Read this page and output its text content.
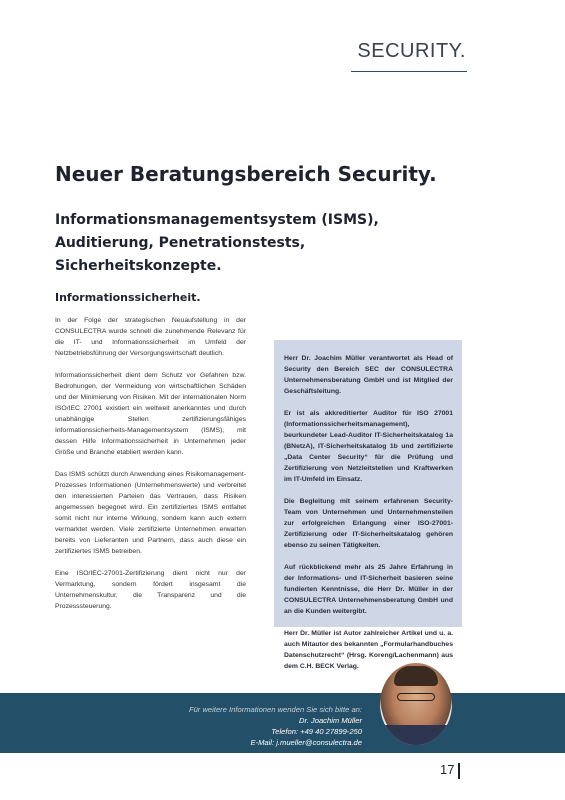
SECURITY.
Neuer Beratungsbereich Security.
Informationsmanagementsystem (ISMS), Auditierung, Penetrationstests, Sicherheitskonzepte.
Informationssicherheit.

In der Folge der strategischen Neuaufstellung in der CONSULECTRA wurde schnell die zunehmende Relevanz für die IT- und Informationssicherheit im Umfeld der Netzbetriebsführung der Versorgungswirtschaft deutlich.

Informationssicherheit dient dem Schutz vor Gefahren bzw. Bedrohungen, der Vermeidung von wirtschaftlichen Schäden und der Minimierung von Risiken. Mit der internationalen Norm ISO/IEC 27001 existiert ein weltweit anerkanntes und durch unabhängige Stellen zertifizierungsfähiges Informationssicherheits-Managementsystem (ISMS), mit dessen Hilfe Informationssicherheit in Unternehmen jeder Größe und Branche etabliert werden kann.

Das ISMS schützt durch Anwendung eines Risikomanagement-Prozesses Informationen (Unternehmenswerte) und verbreitet den interessierten Parteien das Vertrauen, dass Risiken angemessen begegnet wird. Ein zertifiziertes ISMS entfaltet somit nicht nur interne Wirkung, sondern kann auch extern vermarktet werden. Viele zertifizierte Unternehmen erwarten bereits von Lieferanten und Partnern, dass auch diese ein zertifiziertes ISMS betreiben.

Eine ISO/IEC-27001-Zertifizierung dient nicht nur der Vermarktung, sondern fördert insgesamt die Unternehmenskultur, die Transparenz und die Prozesssteuerung.

Herr Dr. Joachim Müller verantwortet als Head of Security den Bereich SEC der CONSULECTRA Unternehmensberatung GmbH und ist Mitglied der Geschäftsleitung.

Er ist als akkreditierter Auditor für ISO 27001 (Informationssicherheitsmanagement), beurkundeter Lead-Auditor IT-Sicherheitskatalog 1a (BNetzA), IT-Sicherheitskatalog 1b und zertifizierte „Data Center Security“ für die Prüfung und Zertifizierung von Netzleitstellen und Kraftwerken im IT-Umfeld im Einsatz.

Die Begleitung mit seinem erfahrenen Security-Team von Unternehmen und Unternehmensteilen zur erfolgreichen Erlangung einer ISO-27001-Zertifizierung oder IT-Sicherheitskatalog gehören ebenso zu seinen Tätigkeiten.

Auf rückblickend mehr als 25 Jahre Erfahrung in der Informations- und IT-Sicherheit basieren seine fundierten Kenntnisse, die Herr Dr. Müller in der CONSULECTRA Unternehmensberatung GmbH und an die Kunden weitergibt.

Herr Dr. Müller ist Autor zahlreicher Artikel und u. a. auch Mitautor des bekannten „Formularhandbuches Datenschutzrecht“ (Hrsg. Koreng/Lachenmann) aus dem C.H. BECK Verlag.

Für weitere Informationen wenden Sie sich bitte an:
Dr. Joachim Müller
Telefon: +49 40 27899-250
E-Mail: j.mueller@consulectra.de
17
